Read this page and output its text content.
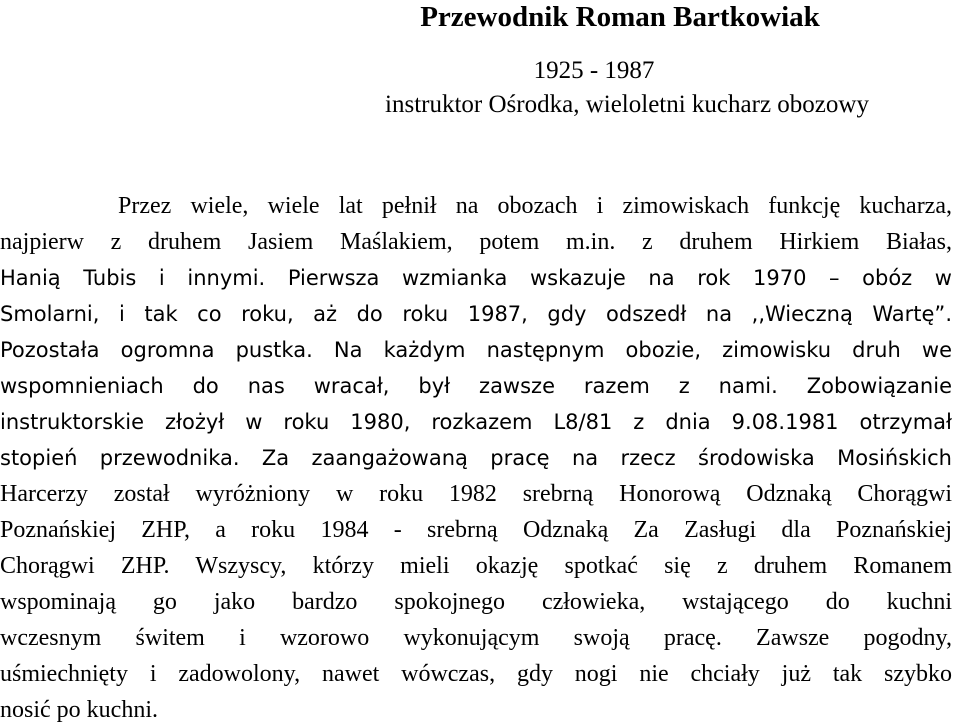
Przewodnik Roman Bartkowiak
1925 - 1987
instruktor Ośrodka, wieloletni kucharz obozowy
Przez wiele, wiele lat pełnił na obozach i zimowiskach funkcję kucharza,
najpierw z druhem Jasiem Maślakiem, potem m.in. z druhem Hirkiem Białas,
Hanią Tubis i innymi. Pierwsza wzmianka wskazuje na rok 1970 – obóz w
Smolarni, i tak co roku, aż do roku 1987, gdy odszedł na ,,Wieczną Wartę”.
Pozostała ogromna pustka. Na każdym następnym obozie, zimowisku druh we
wspomnieniach do nas wracał, był zawsze razem z nami. Zobowiązanie
instruktorskie złożył w roku 1980, rozkazem L8/81 z dnia 9.08.1981 otrzymał
stopień przewodnika. Za zaangażowaną pracę na rzecz środowiska Mosińskich
Harcerzy został wyróżniony w roku 1982 srebrną Honorową Odznaką Chorągwi
Poznańskiej ZHP, a roku 1984 - srebrną Odznaką Za Zasługi dla Poznańskiej
Chorągwi ZHP. Wszyscy, którzy mieli okazję spotkać się z druhem Romanem
wspominają go jako bardzo spokojnego człowieka, wstającego do kuchni
wczesnym świtem i wzorowo wykonującym swoją pracę. Zawsze pogodny,
uśmiechnięty i zadowolony, nawet wówczas, gdy nogi nie chciały już tak szybko
nosić po kuchni.
